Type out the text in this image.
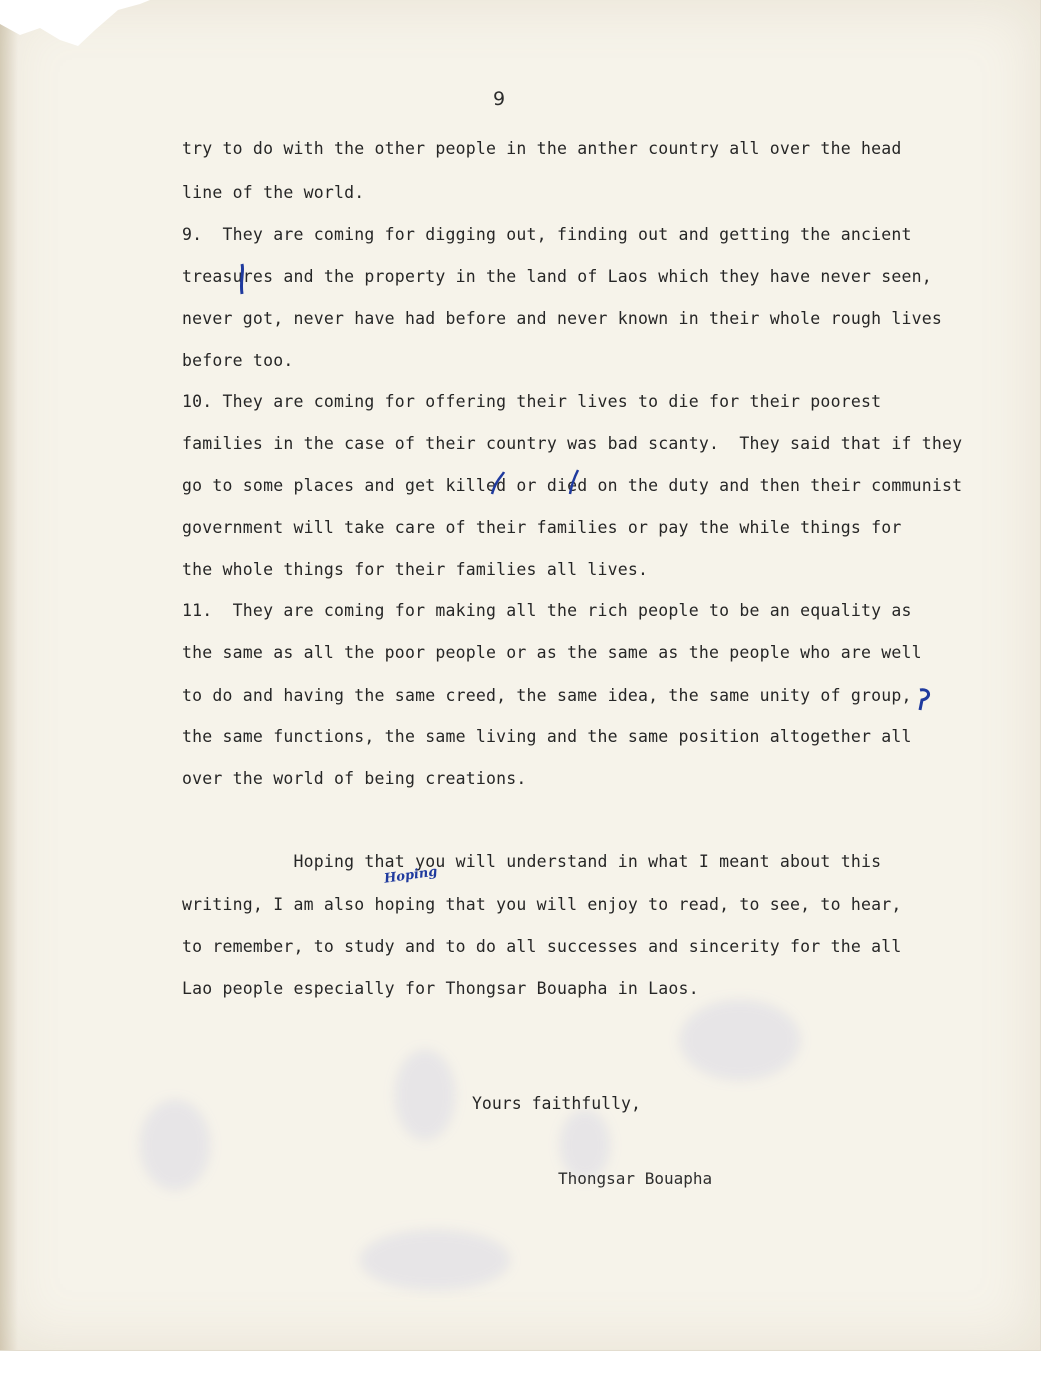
9
try to do with the other people in the anther country all over the head
line of the world.
9.  They are coming for digging out, finding out and getting the ancient
treasures and the property in the land of Laos which they have never seen,
never got, never have had before and never known in their whole rough lives
before too.
10. They are coming for offering their lives to die for their poorest
families in the case of their country was bad scanty.  They said that if they
go to some places and get killed or died on the duty and then their communist
government will take care of their families or pay the while things for
the whole things for their families all lives.
11.  They are coming for making all the rich people to be an equality as
the same as all the poor people or as the same as the people who are well
to do and having the same creed, the same idea, the same unity of group,
the same functions, the same living and the same position altogether all
over the world of being creations.
Hoping that you will understand in what I meant about this
writing, I am also hoping that you will enjoy to read, to see, to hear,
to remember, to study and to do all successes and sincerity for the all
Lao people especially for Thongsar Bouapha in Laos.
Hoping
Yours faithfully,
Thongsar Bouapha
